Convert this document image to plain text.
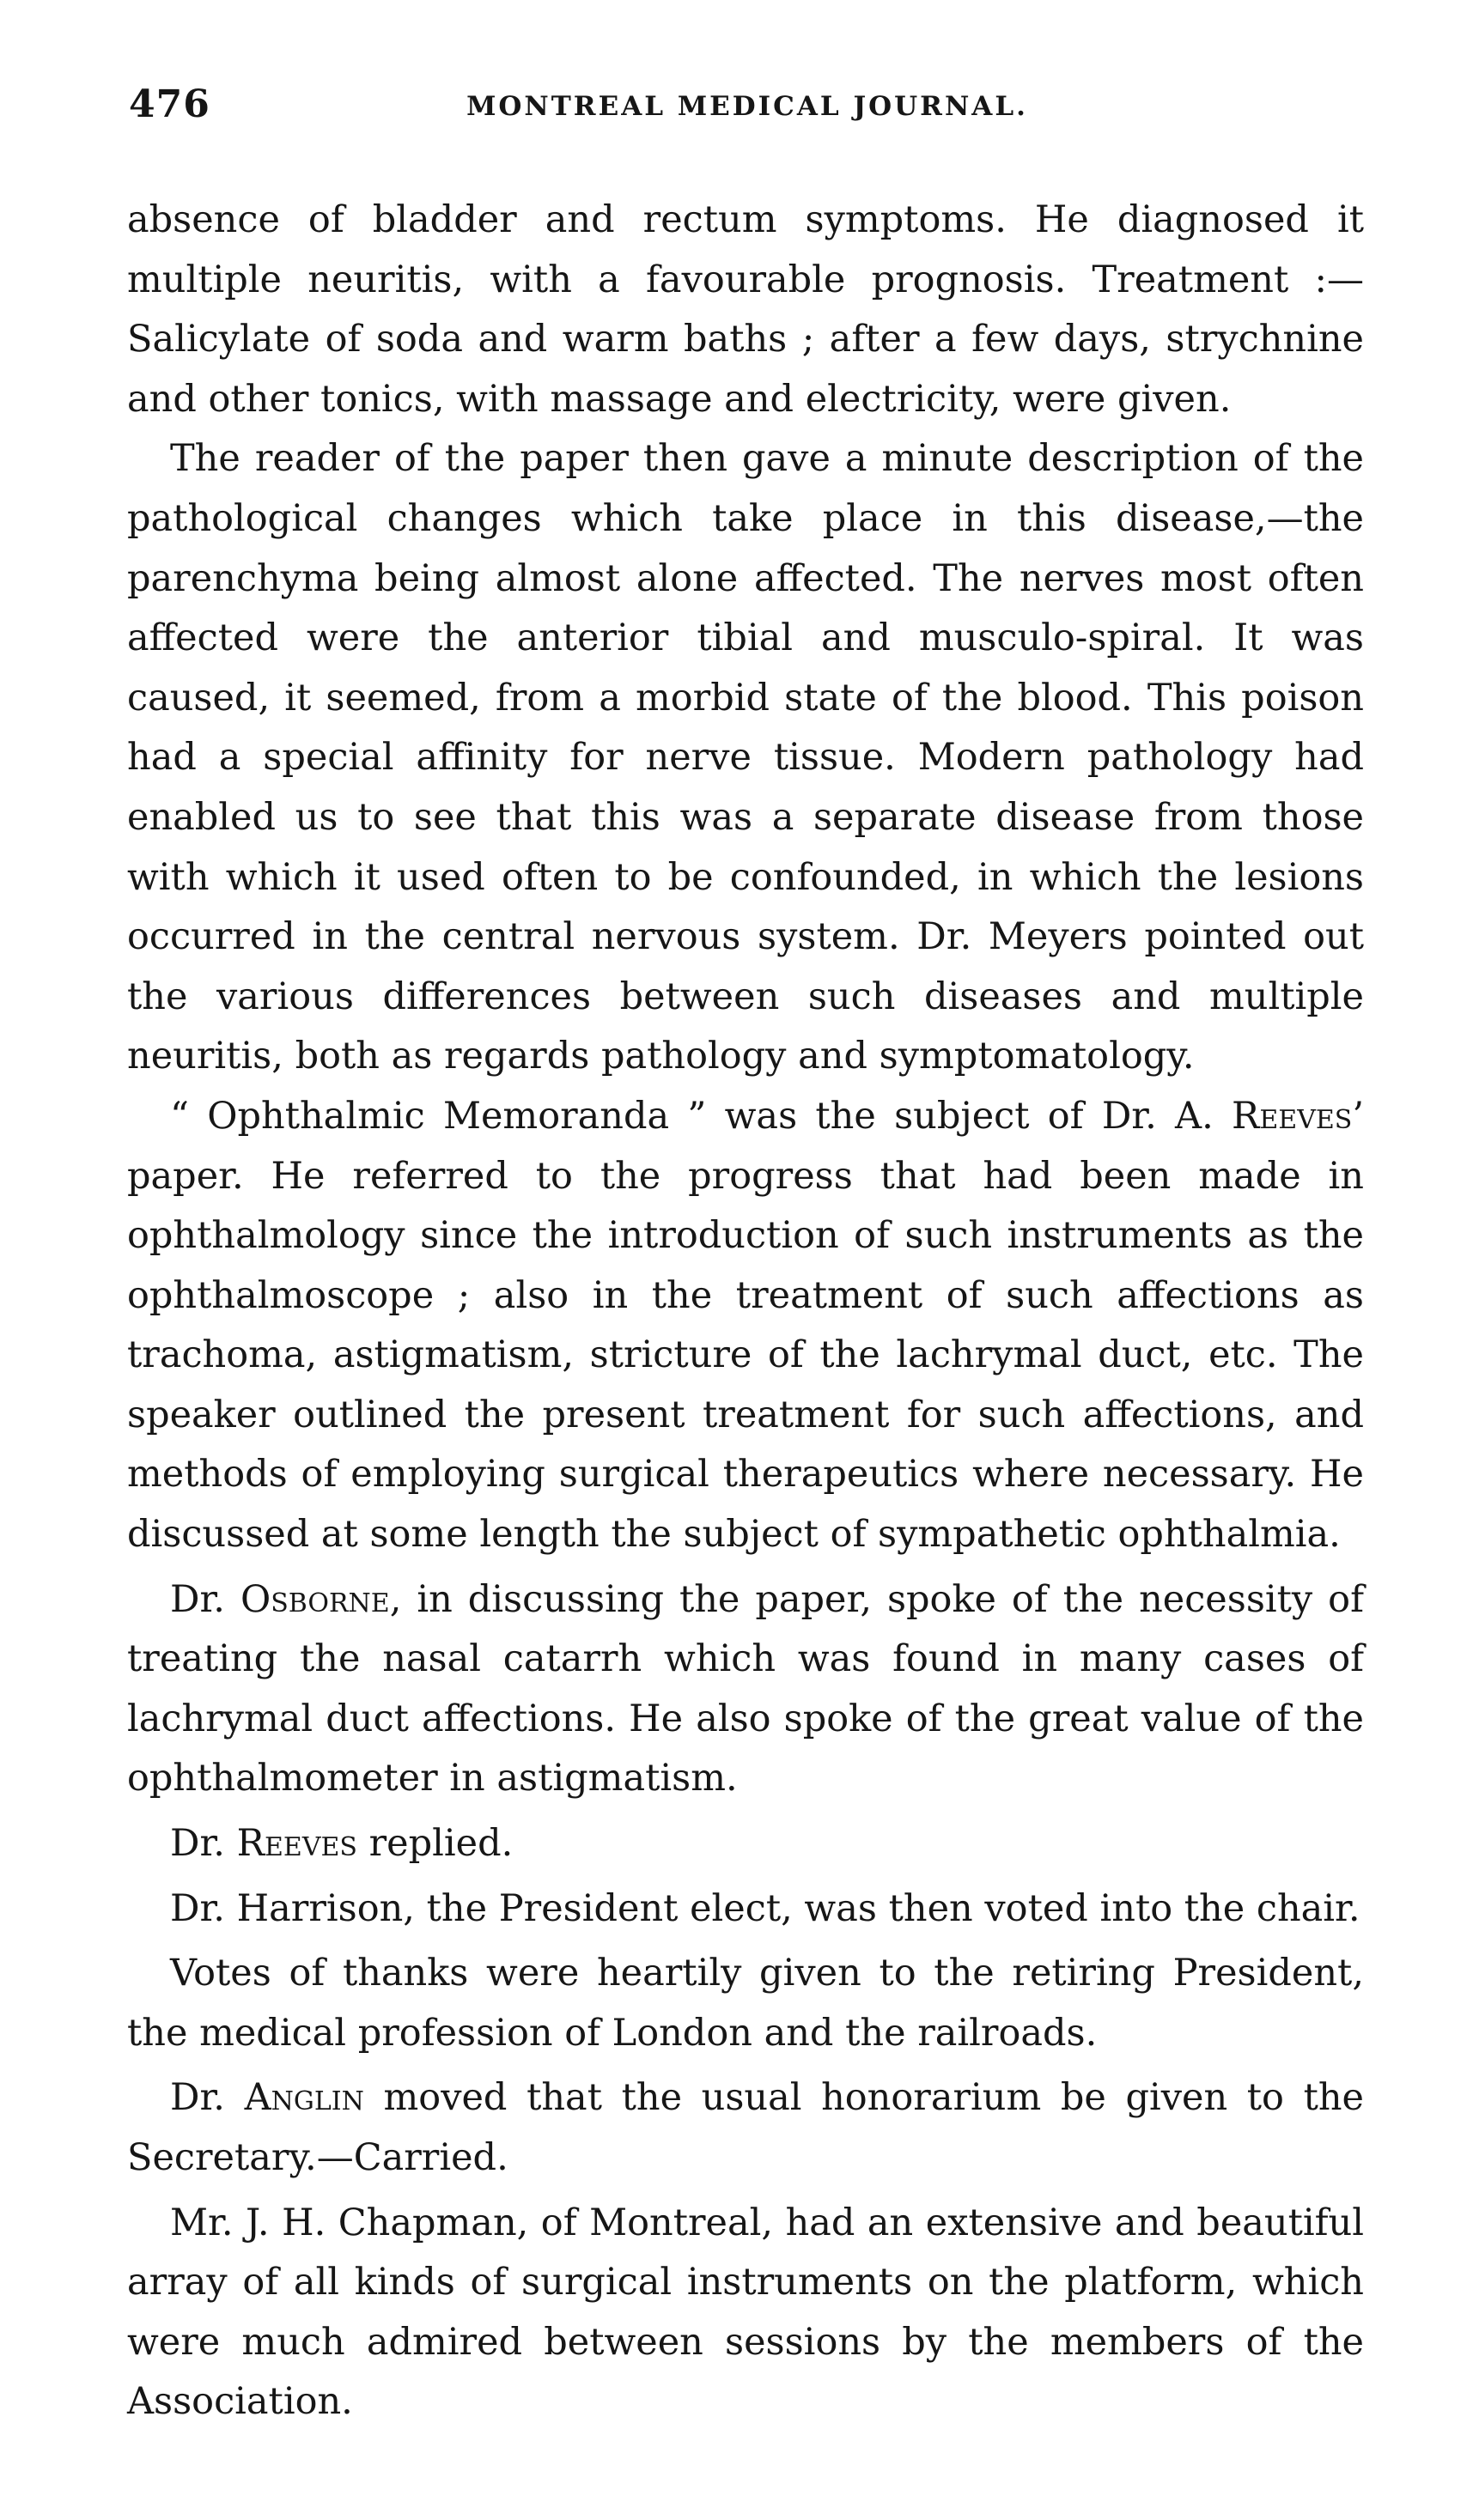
476	MONTREAL MEDICAL JOURNAL.

absence of bladder and rectum symptoms. He diagnosed it multiple neuritis, with a favourable prognosis. Treatment :— Salicylate of soda and warm baths ; after a few days, strychnine and other tonics, with massage and electricity, were given.

The reader of the paper then gave a minute description of the pathological changes which take place in this disease,—the parenchyma being almost alone affected. The nerves most often affected were the anterior tibial and musculo-spiral. It was caused, it seemed, from a morbid state of the blood. This poison had a special affinity for nerve tissue. Modern pathology had enabled us to see that this was a separate disease from those with which it used often to be confounded, in which the lesions occurred in the central nervous system. Dr. Meyers pointed out the various differences between such diseases and multiple neuritis, both as regards pathology and symptomatology.

“ Ophthalmic Memoranda ” was the subject of Dr. A. Reeves’ paper. He referred to the progress that had been made in ophthalmology since the introduction of such instruments as the ophthalmoscope ; also in the treatment of such affections as trachoma, astigmatism, stricture of the lachrymal duct, etc. The speaker outlined the present treatment for such affections, and methods of employing surgical therapeutics where necessary. He discussed at some length the subject of sympathetic ophthalmia.

Dr. Osborne, in discussing the paper, spoke of the necessity of treating the nasal catarrh which was found in many cases of lachrymal duct affections. He also spoke of the great value of the ophthalmometer in astigmatism.

Dr. Reeves replied.

Dr. Harrison, the President elect, was then voted into the chair.

Votes of thanks were heartily given to the retiring President, the medical profession of London and the railroads.

Dr. Anglin moved that the usual honorarium be given to the Secretary.—Carried.

Mr. J. H. Chapman, of Montreal, had an extensive and beautiful array of all kinds of surgical instruments on the platform, which were much admired between sessions by the members of the Association.
